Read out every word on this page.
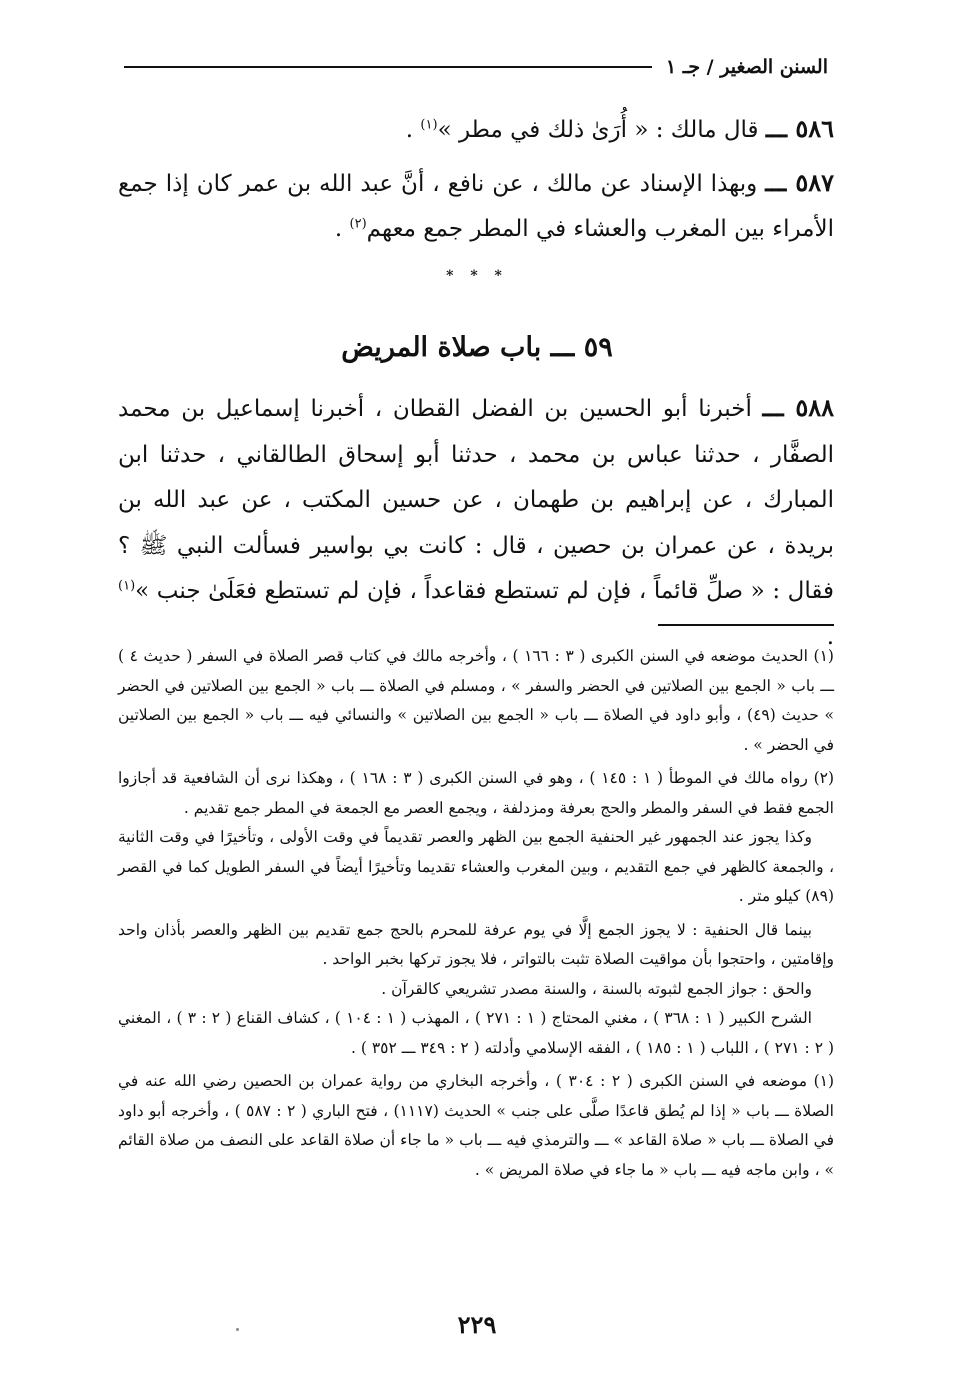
السنن الصغير / جـ ١
٥٨٦ ـــ قال مالك : « أُرَىٰ ذلك في مطر »$^{(١)}$ .
٥٨٧ ـــ وبهذا الإسناد عن مالك ، عن نافع ، أنَّ عبد الله بن عمر كان إذا جمع الأمراء بين المغرب والعشاء في المطر جمع معهم$^{(٢)}$ .
* * *
٥٩ ـــ باب صلاة المريض
٥٨٨ ـــ أخبرنا أبو الحسين بن الفضل القطان ، أخبرنا إسماعيل بن محمد الصفَّار ، حدثنا عباس بن محمد ، حدثنا أبو إسحاق الطالقاني ، حدثنا ابن المبارك ، عن إبراهيم بن طهمان ، عن حسين المكتب ، عن عبد الله بن بريدة ، عن عمران بن حصين ، قال : كانت بي بواسير فسألت النبي ﷺ ؟ فقال : « صلِّ قائماً ، فإن لم تستطع فقاعداً ، فإن لم تستطع فعَلَىٰ جنب »$^{(١)}$ .

(١) الحديث موضعه في السنن الكبرى ( ٣ : ١٦٦ ) ، وأخرجه مالك في كتاب قصر الصلاة في السفر ( حديث ٤ ) ـــ باب « الجمع بين الصلاتين في الحضر والسفر » ، ومسلم في الصلاة ـــ باب « الجمع بين الصلاتين في الحضر » حديث (٤٩) ، وأبو داود في الصلاة ـــ باب « الجمع بين الصلاتين » والنسائي فيه ـــ باب « الجمع بين الصلاتين في الحضر » .

(٢) رواه مالك في الموطأ ( ١ : ١٤٥ ) ، وهو في السنن الكبرى ( ٣ : ١٦٨ ) ، وهكذا نرى أن الشافعية قد أجازوا الجمع فقط في السفر والمطر والحج بعرفة ومزدلفة ، ويجمع العصر مع الجمعة في المطر جمع تقديم .

وكذا يجوز عند الجمهور غير الحنفية الجمع بين الظهر والعصر تقديماً في وقت الأولى ، وتأخيرًا في وقت الثانية ، والجمعة كالظهر في جمع التقديم ، وبين المغرب والعشاء تقديما وتأخيرًا أيضاً في السفر الطويل كما في القصر (٨٩) كيلو متر .

بينما قال الحنفية : لا يجوز الجمع إلَّا في يوم عرفة للمحرم بالحج جمع تقديم بين الظهر والعصر بأذان واحد وإقامتين ، واحتجوا بأن مواقيت الصلاة تثبت بالتواتر ، فلا يجوز تركها بخبر الواحد .

والحق : جواز الجمع لثبوته بالسنة ، والسنة مصدر تشريعي كالقرآن .

الشرح الكبير ( ١ : ٣٦٨ ) ، مغني المحتاج ( ١ : ٢٧١ ) ، المهذب ( ١ : ١٠٤ ) ، كشاف القناع ( ٢ : ٣ ) ، المغني ( ٢ : ٢٧١ ) ، اللباب ( ١ : ١٨٥ ) ، الفقه الإسلامي وأدلته ( ٢ : ٣٤٩ ـــ ٣٥٢ ) .

(١) موضعه في السنن الكبرى ( ٢ : ٣٠٤ ) ، وأخرجه البخاري من رواية عمران بن الحصين رضي الله عنه في الصلاة ـــ باب « إذا لم يُطق قاعدًا صلَّى على جنب » الحديث (١١١٧) ، فتح الباري ( ٢ : ٥٨٧ ) ، وأخرجه أبو داود في الصلاة ـــ باب « صلاة القاعد » ـــ والترمذي فيه ـــ باب « ما جاء أن صلاة القاعد على النصف من صلاة القائم » ، وابن ماجه فيه ـــ باب « ما جاء في صلاة المريض » .

٢٢٩
